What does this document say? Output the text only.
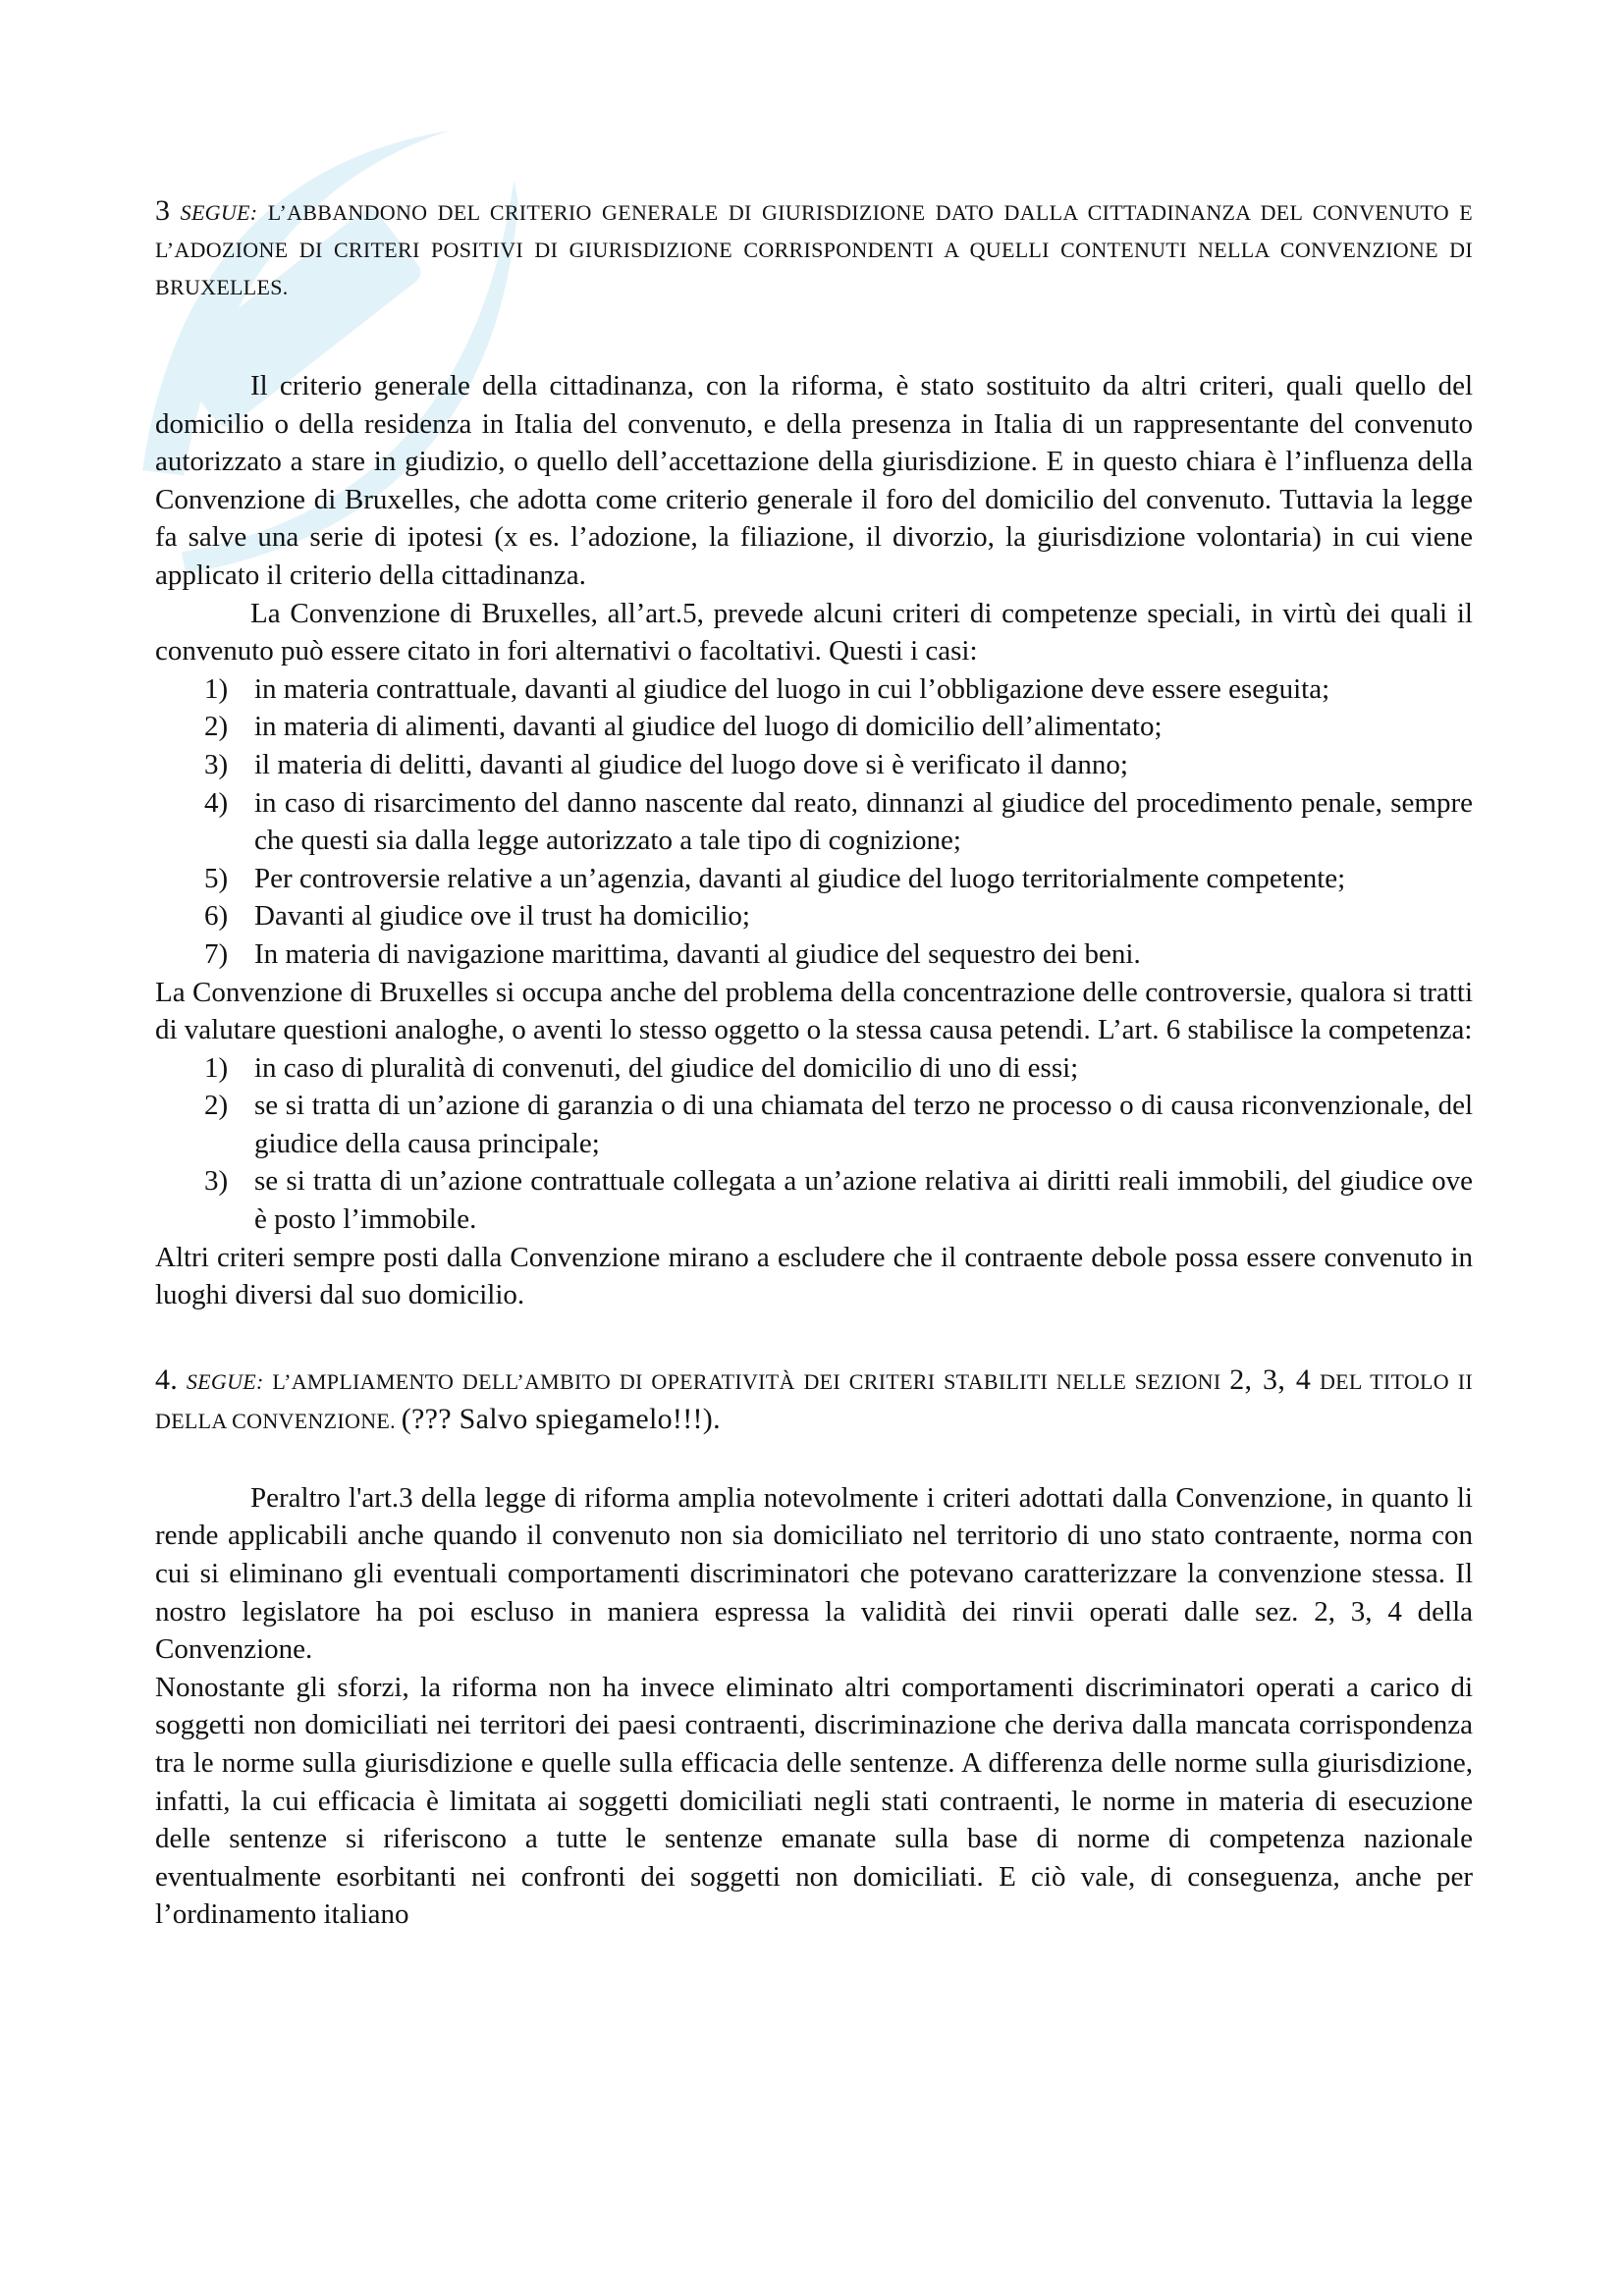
3 SEGUE: L’ABBANDONO DEL CRITERIO GENERALE DI GIURISDIZIONE DATO DALLA CITTADINANZA DEL CONVENUTO E L’ADOZIONE DI CRITERI POSITIVI DI GIURISDIZIONE CORRISPONDENTI A QUELLI CONTENUTI NELLA CONVENZIONE DI BRUXELLES.

Il criterio generale della cittadinanza, con la riforma, è stato sostituito da altri criteri, quali quello del domicilio o della residenza in Italia del convenuto, e della presenza in Italia di un rappresentante del convenuto autorizzato a stare in giudizio, o quello dell’accettazione della giurisdizione. E in questo chiara è l’influenza della Convenzione di Bruxelles, che adotta come criterio generale il foro del domicilio del convenuto. Tuttavia la legge fa salve una serie di ipotesi (x es. l’adozione, la filiazione, il divorzio, la giurisdizione volontaria) in cui viene applicato il criterio della cittadinanza.

La Convenzione di Bruxelles, all’art.5, prevede alcuni criteri di competenze speciali, in virtù dei quali il convenuto può essere citato in fori alternativi o facoltativi. Questi i casi:

1) in materia contrattuale, davanti al giudice del luogo in cui l’obbligazione deve essere eseguita;
2) in materia di alimenti, davanti al giudice del luogo di domicilio dell’alimentato;
3) il materia di delitti, davanti al giudice del luogo dove si è verificato il danno;
4) in caso di risarcimento del danno nascente dal reato, dinnanzi al giudice del procedimento penale, sempre che questi sia dalla legge autorizzato a tale tipo di cognizione;
5) Per controversie relative a un’agenzia, davanti al giudice del luogo territorialmente competente;
6) Davanti al giudice ove il trust ha domicilio;
7) In materia di navigazione marittima, davanti al giudice del sequestro dei beni.

La Convenzione di Bruxelles si occupa anche del problema della concentrazione delle controversie, qualora si tratti di valutare questioni analoghe, o aventi lo stesso oggetto o la stessa causa petendi. L’art. 6 stabilisce la competenza:

1) in caso di pluralità di convenuti, del giudice del domicilio di uno di essi;
2) se si tratta di un’azione di garanzia o di una chiamata del terzo ne processo o di causa riconvenzionale, del giudice della causa principale;
3) se si tratta di un’azione contrattuale collegata a un’azione relativa ai diritti reali immobili, del giudice ove è posto l’immobile.

Altri criteri sempre posti dalla Convenzione mirano a escludere che il contraente debole possa essere convenuto in luoghi diversi dal suo domicilio.

4. SEGUE: L’AMPLIAMENTO DELL’AMBITO DI OPERATIVITÀ DEI CRITERI STABILITI NELLE SEZIONI 2, 3, 4 DEL TITOLO II DELLA CONVENZIONE. (??? Salvo spiegamelo!!!).

Peraltro l'art.3 della legge di riforma amplia notevolmente i criteri adottati dalla Convenzione, in quanto li rende applicabili anche quando il convenuto non sia domiciliato nel territorio di uno stato contraente, norma con cui si eliminano gli eventuali comportamenti discriminatori che potevano caratterizzare la convenzione stessa. Il nostro legislatore ha poi escluso in maniera espressa la validità dei rinvii operati dalle sez. 2, 3, 4 della Convenzione.

Nonostante gli sforzi, la riforma non ha invece eliminato altri comportamenti discriminatori operati a carico di soggetti non domiciliati nei territori dei paesi contraenti, discriminazione che deriva dalla mancata corrispondenza tra le norme sulla giurisdizione e quelle sulla efficacia delle sentenze. A differenza delle norme sulla giurisdizione, infatti, la cui efficacia è limitata ai soggetti domiciliati negli stati contraenti, le norme in materia di esecuzione delle sentenze si riferiscono a tutte le sentenze emanate sulla base di norme di competenza nazionale eventualmente esorbitanti nei confronti dei soggetti non domiciliati. E ciò vale, di conseguenza, anche per l’ordinamento italiano
